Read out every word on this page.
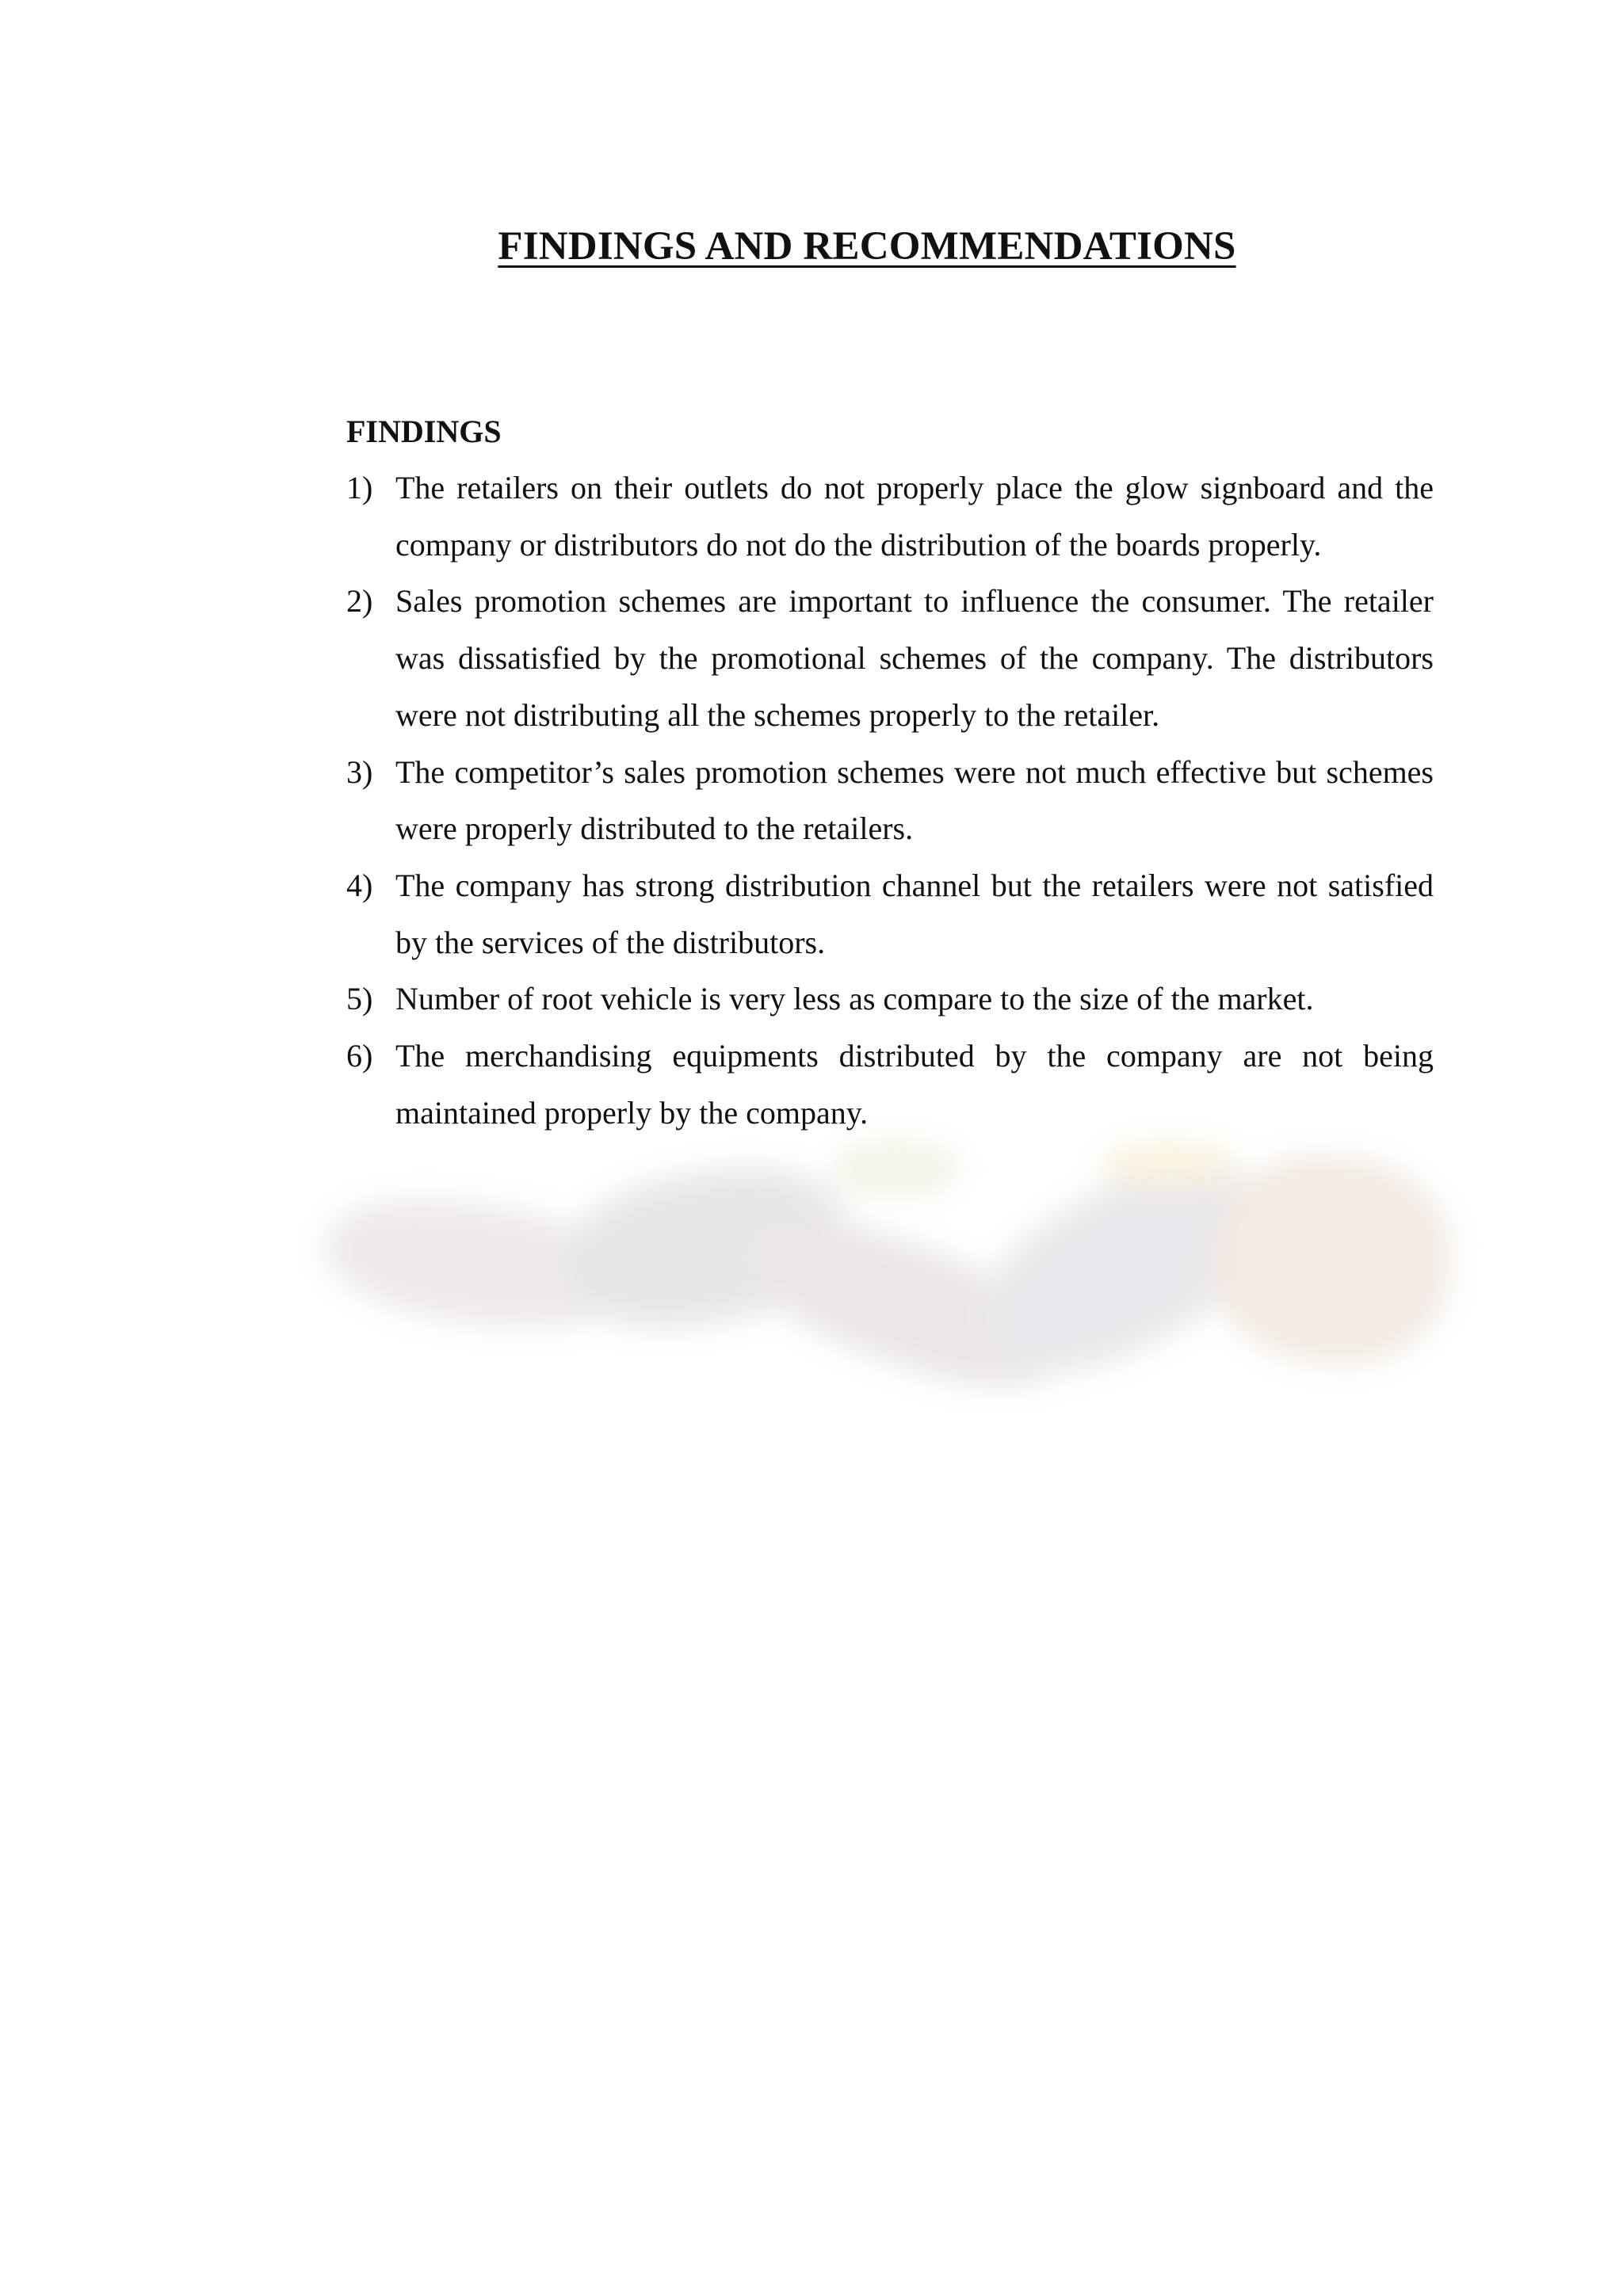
FINDINGS AND RECOMMENDATIONS
FINDINGS
1) The retailers on their outlets do not properly place the glow signboard and the company or distributors do not do the distribution of the boards properly.
2) Sales promotion schemes are important to influence the consumer. The retailer was dissatisfied by the promotional schemes of the company. The distributors were not distributing all the schemes properly to the retailer.
3) The competitor’s sales promotion schemes were not much effective but schemes were properly distributed to the retailers.
4) The company has strong distribution channel but the retailers were not satisfied by the services of the distributors.
5) Number of root vehicle is very less as compare to the size of the market.
6) The merchandising equipments distributed by the company are not being maintained properly by the company.
